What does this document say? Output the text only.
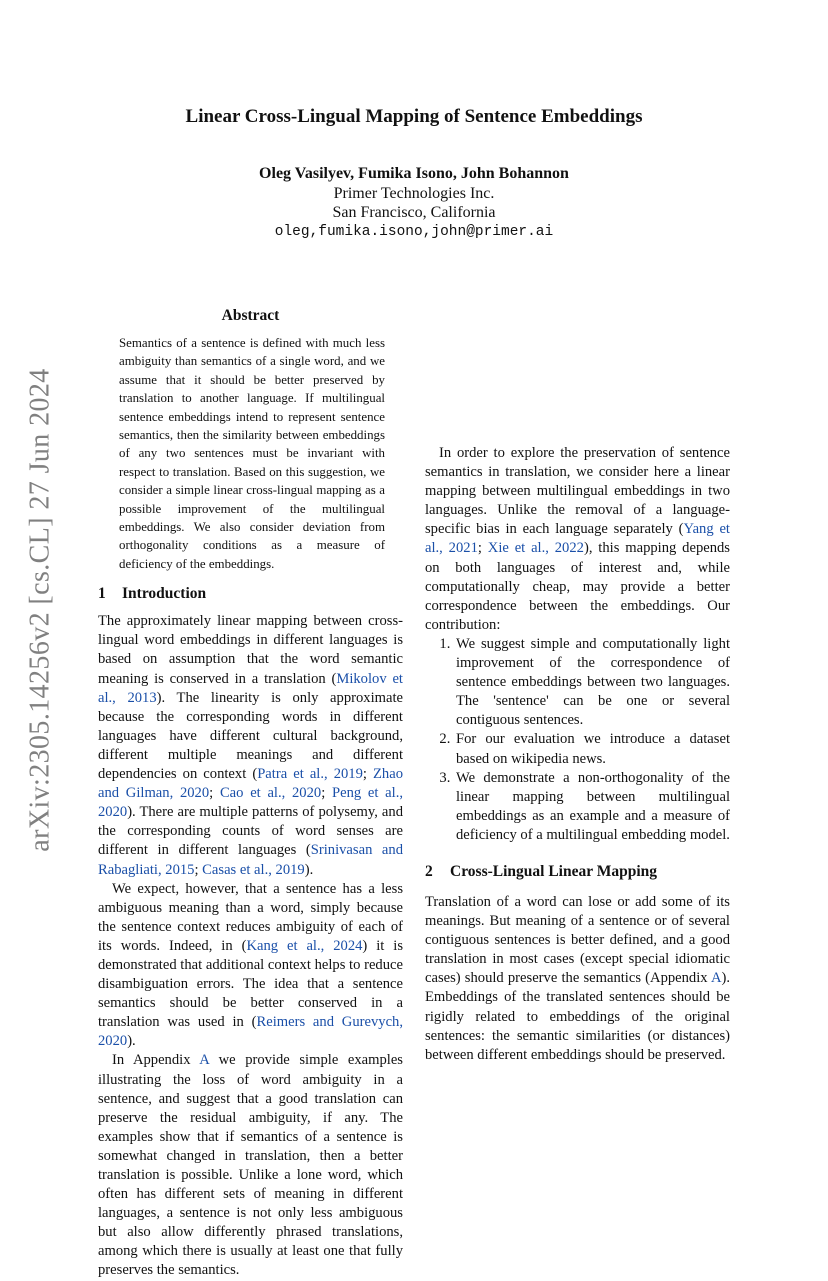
arXiv:2305.14256v2 [cs.CL] 27 Jun 2024
Linear Cross-Lingual Mapping of Sentence Embeddings
Oleg Vasilyev, Fumika Isono, John Bohannon
Primer Technologies Inc.
San Francisco, California
oleg,fumika.isono,john@primer.ai
Abstract
Semantics of a sentence is defined with much less ambiguity than semantics of a single word, and we assume that it should be better preserved by translation to another language. If multilingual sentence embeddings intend to represent sentence semantics, then the similarity between embeddings of any two sentences must be invariant with respect to translation. Based on this suggestion, we consider a simple linear cross-lingual mapping as a possible improvement of the multilingual embeddings. We also consider deviation from orthogonality conditions as a measure of deficiency of the embeddings.
1	Introduction

The approximately linear mapping between cross-lingual word embeddings in different languages is based on assumption that the word semantic meaning is conserved in a translation (Mikolov et al., 2013). The linearity is only approximate because the corresponding words in different languages have different cultural background, different multiple meanings and different dependencies on context (Patra et al., 2019; Zhao and Gilman, 2020; Cao et al., 2020; Peng et al., 2020). There are multiple patterns of polysemy, and the corresponding counts of word senses are different in different languages (Srinivasan and Rabagliati, 2015; Casas et al., 2019).

We expect, however, that a sentence has a less ambiguous meaning than a word, simply because the sentence context reduces ambiguity of each of its words. Indeed, in (Kang et al., 2024) it is demonstrated that additional context helps to reduce disambiguation errors. The idea that a sentence semantics should be better conserved in a translation was used in (Reimers and Gurevych, 2020).

In Appendix A we provide simple examples illustrating the loss of word ambiguity in a sentence, and suggest that a good translation can preserve the residual ambiguity, if any. The examples show that if semantics of a sentence is somewhat changed in translation, then a better translation is possible. Unlike a lone word, which often has different sets of meaning in different languages, a sentence is not only less ambiguous but also allow differently phrased translations, among which there is usually at least one that fully preserves the semantics.

In order to explore the preservation of sentence semantics in translation, we consider here a linear mapping between multilingual embeddings in two languages. Unlike the removal of a language-specific bias in each language separately (Yang et al., 2021; Xie et al., 2022), this mapping depends on both languages of interest and, while computationally cheap, may provide a better correspondence between the embeddings. Our contribution:

1. We suggest simple and computationally light improvement of the correspondence of sentence embeddings between two languages. The 'sentence' can be one or several contiguous sentences.
2. For our evaluation we introduce a dataset based on wikipedia news.
3. We demonstrate a non-orthogonality of the linear mapping between multilingual embeddings as an example and a measure of deficiency of a multilingual embedding model.
2	Cross-Lingual Linear Mapping

Translation of a word can lose or add some of its meanings. But meaning of a sentence or of several contiguous sentences is better defined, and a good translation in most cases (except special idiomatic cases) should preserve the semantics (Appendix A). Embeddings of the translated sentences should be rigidly related to embeddings of the original sentences: the semantic similarities (or distances) between different embeddings should be preserved.
